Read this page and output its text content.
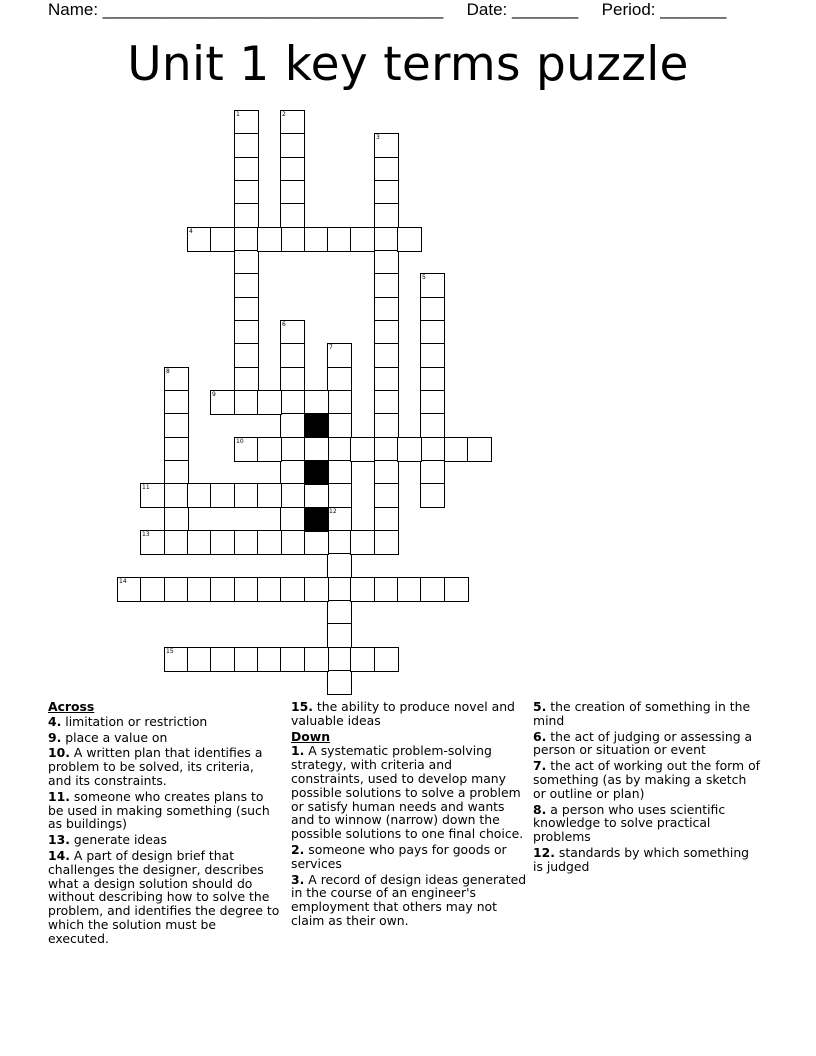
Name: ____________________________________ Date: _______ Period: _______
Unit 1 key terms puzzle
1	2
3
4
5
6
7
12
8
9
10
11
13
14
15
Across
4. limitation or restriction
9. place a value on
10. A written plan that identifies a problem to be solved, its criteria, and its constraints.
11. someone who creates plans to be used in making something (such as buildings)
13. generate ideas
14. A part of design brief that challenges the designer, describes what a design solution should do without describing how to solve the problem, and identifies the degree to which the solution must be executed.
15. the ability to produce novel and valuable ideas
Down
1. A systematic problem-solving strategy, with criteria and constraints, used to develop many possible solutions to solve a problem or satisfy human needs and wants and to winnow (narrow) down the possible solutions to one final choice.
2. someone who pays for goods or services
3. A record of design ideas generated in the course of an engineer's employment that others may not claim as their own.
5. the creation of something in the mind
6. the act of judging or assessing a person or situation or event
7. the act of working out the form of something (as by making a sketch or outline or plan)
8. a person who uses scientific knowledge to solve practical problems
12. standards by which something is judged
